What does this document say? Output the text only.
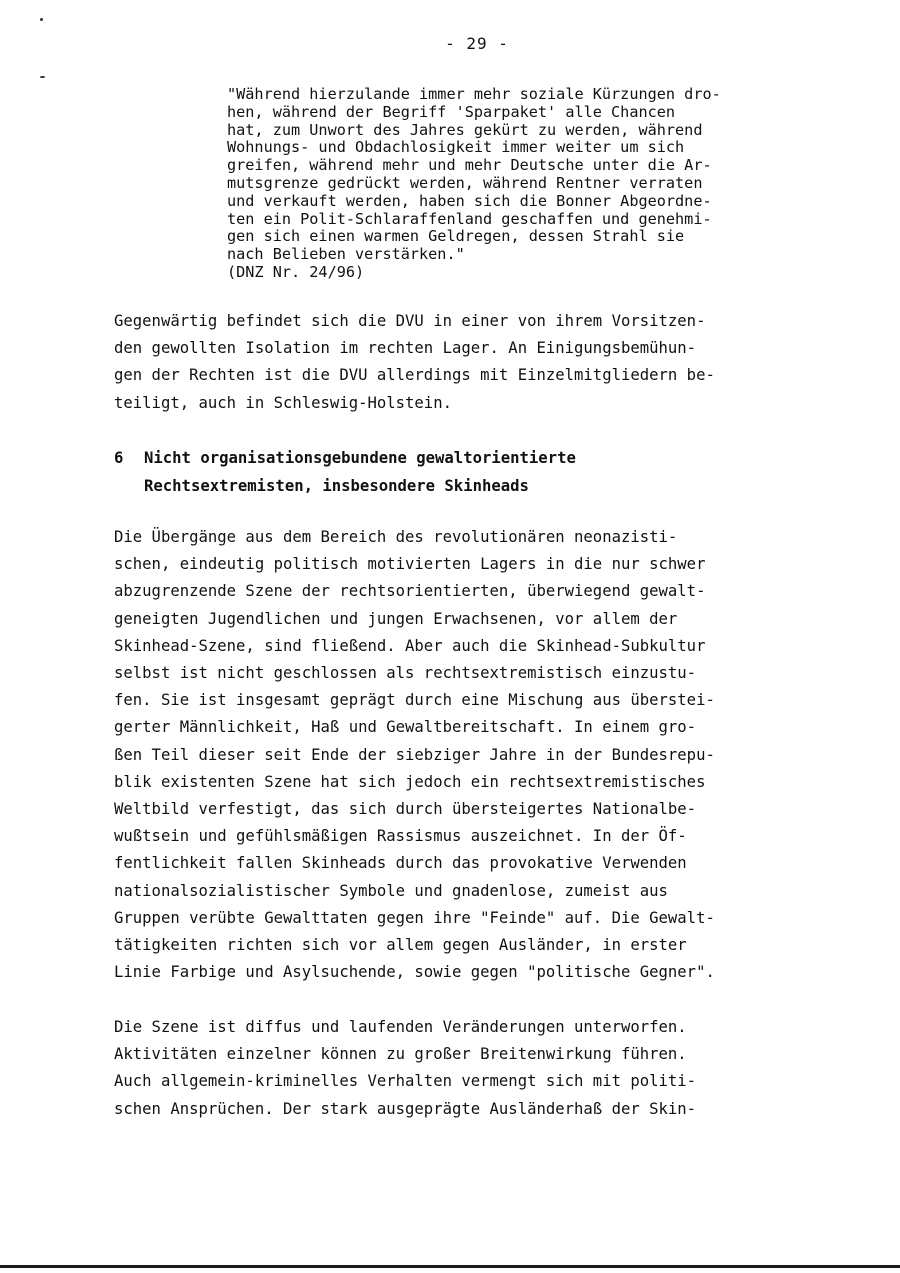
- 29 -
"Während hierzulande immer mehr soziale Kürzungen dro-
hen, während der Begriff 'Sparpaket' alle Chancen
hat, zum Unwort des Jahres gekürt zu werden, während
Wohnungs- und Obdachlosigkeit immer weiter um sich
greifen, während mehr und mehr Deutsche unter die Ar-
mutsgrenze gedrückt werden, während Rentner verraten
und verkauft werden, haben sich die Bonner Abgeordne-
ten ein Polit-Schlaraffenland geschaffen und genehmi-
gen sich einen warmen Geldregen, dessen Strahl sie
nach Belieben verstärken."
(DNZ Nr. 24/96)
Gegenwärtig befindet sich die DVU in einer von ihrem Vorsitzen-
den gewollten Isolation im rechten Lager. An Einigungsbemühun-
gen der Rechten ist die DVU allerdings mit Einzelmitgliedern be-
teiligt, auch in Schleswig-Holstein.
6 Nicht organisationsgebundene gewaltorientierte
Rechtsextremisten, insbesondere Skinheads
Die Übergänge aus dem Bereich des revolutionären neonazisti-
schen, eindeutig politisch motivierten Lagers in die nur schwer
abzugrenzende Szene der rechtsorientierten, überwiegend gewalt-
geneigten Jugendlichen und jungen Erwachsenen, vor allem der
Skinhead-Szene, sind fließend. Aber auch die Skinhead-Subkultur
selbst ist nicht geschlossen als rechtsextremistisch einzustu-
fen. Sie ist insgesamt geprägt durch eine Mischung aus überstei-
gerter Männlichkeit, Haß und Gewaltbereitschaft. In einem gro-
ßen Teil dieser seit Ende der siebziger Jahre in der Bundesrepu-
blik existenten Szene hat sich jedoch ein rechtsextremistisches
Weltbild verfestigt, das sich durch übersteigertes Nationalbe-
wußtsein und gefühlsmäßigen Rassismus auszeichnet. In der Öf-
fentlichkeit fallen Skinheads durch das provokative Verwenden
nationalsozialistischer Symbole und gnadenlose, zumeist aus
Gruppen verübte Gewalttaten gegen ihre "Feinde" auf. Die Gewalt-
tätigkeiten richten sich vor allem gegen Ausländer, in erster
Linie Farbige und Asylsuchende, sowie gegen "politische Gegner".
Die Szene ist diffus und laufenden Veränderungen unterworfen.
Aktivitäten einzelner können zu großer Breitenwirkung führen.
Auch allgemein-kriminelles Verhalten vermengt sich mit politi-
schen Ansprüchen. Der stark ausgeprägte Ausländerhaß der Skin-
